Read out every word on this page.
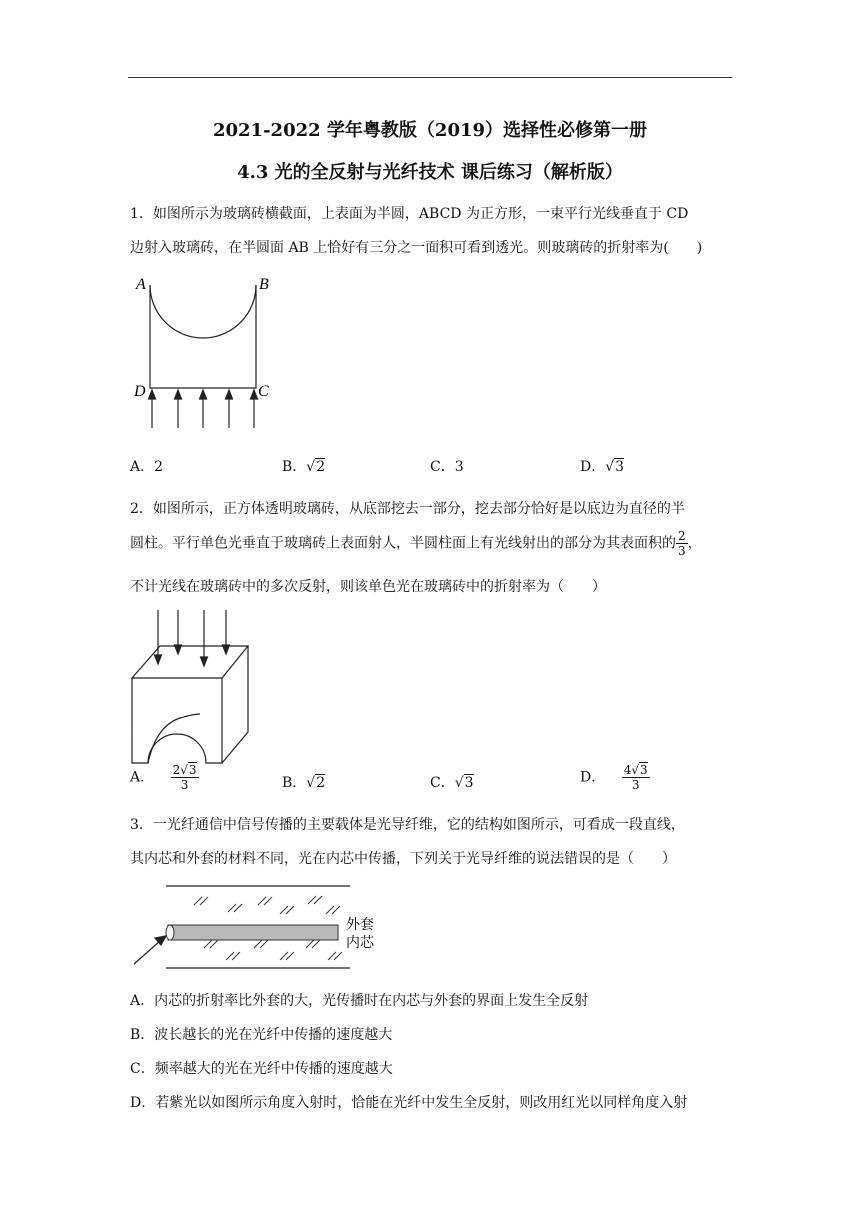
2021-2022 学年粤教版（2019）选择性必修第一册
4.3 光的全反射与光纤技术 课后练习（解析版）
1．如图所示为玻璃砖横截面，上表面为半圆，ABCD 为正方形，一束平行光线垂直于 CD
边射入玻璃砖，在半圆面 AB 上恰好有三分之一面积可看到透光。则玻璃砖的折射率为(　　)
A	B
D	C
A．2	B．√2	C．3	D．√3
2．如图所示，正方体透明玻璃砖，从底部挖去一部分，挖去部分恰好是以底边为直径的半
圆柱。平行单色光垂直于玻璃砖上表面射人，半圆柱面上有光线射出的部分为其表面积的 $\frac{2}{3}$ ，
不计光线在玻璃砖中的多次反射，则该单色光在玻璃砖中的折射率为（　　）
A． $\frac{2√3}{3}$	B．√2	C．√3	D． $\frac{4√3}{3}$
3．一光纤通信中信号传播的主要载体是光导纤维，它的结构如图所示，可看成一段直线，
其内芯和外套的材料不同，光在内芯中传播，下列关于光导纤维的说法错误的是（　　）
外套
内芯
A．内芯的折射率比外套的大，光传播时在内芯与外套的界面上发生全反射
B．波长越长的光在光纤中传播的速度越大
C．频率越大的光在光纤中传播的速度越大
D．若紫光以如图所示角度入射时，恰能在光纤中发生全反射，则改用红光以同样角度入射
